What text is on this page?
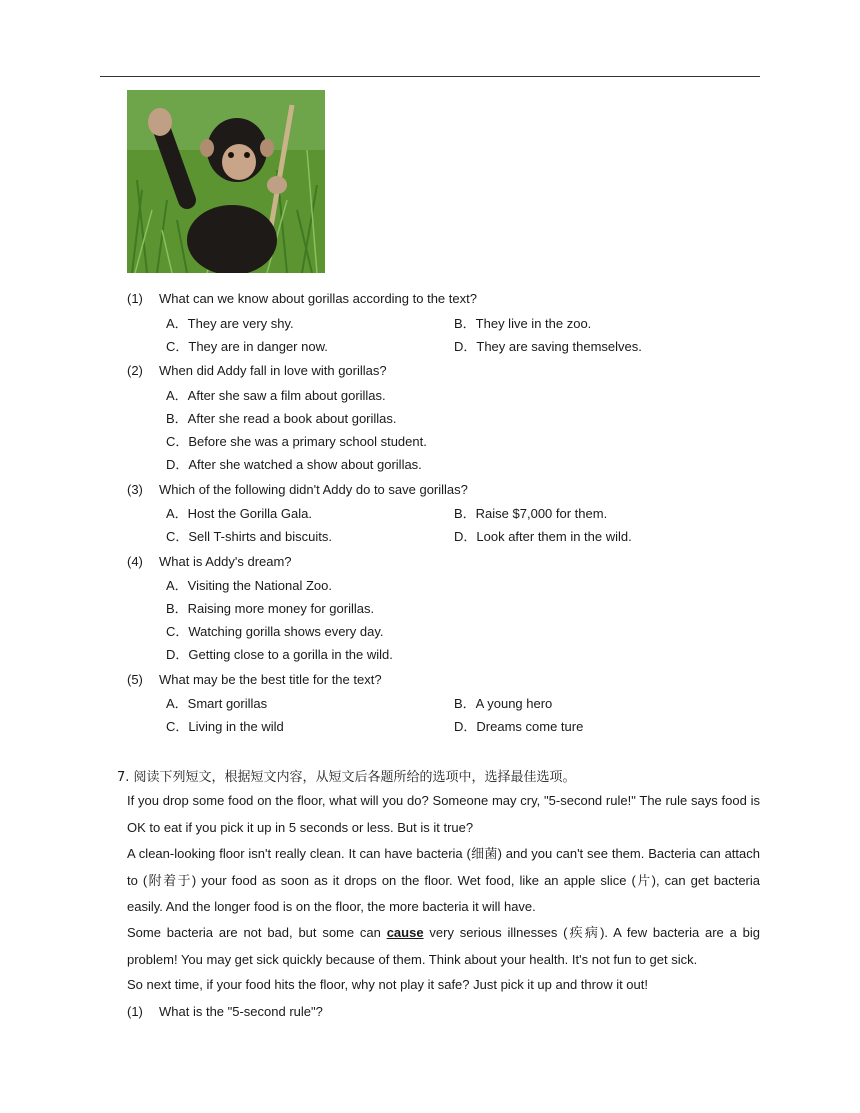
(1) What can we know about gorillas according to the text?
A．They are very shy.	B．They live in the zoo.
C．They are in danger now.	D．They are saving themselves.
(2) When did Addy fall in love with gorillas?
A．After she saw a film about gorillas.
B．After she read a book about gorillas.
C．Before she was a primary school student.
D．After she watched a show about gorillas.
(3) Which of the following didn't Addy do to save gorillas?
A．Host the Gorilla Gala.	B．Raise $7,000 for them.
C．Sell T-shirts and biscuits.	D．Look after them in the wild.
(4) What is Addy's dream?
A．Visiting the National Zoo.
B．Raising more money for gorillas.
C．Watching gorilla shows every day.
D．Getting close to a gorilla in the wild.
(5) What may be the best title for the text?
A．Smart gorillas	B．A young hero
C．Living in the wild	D．Dreams come ture
7. 阅读下列短文，根据短文内容，从短文后各题所给的选项中，选择最佳选项。
If you drop some food on the floor, what will you do? Someone may cry, "5-second rule!" The rule says food is OK to eat if you pick it up in 5 seconds or less. But is it true?
A clean-looking floor isn't really clean. It can have bacteria (细菌) and you can't see them. Bacteria can attach to (附着于) your food as soon as it drops on the floor. Wet food, like an apple slice (片), can get bacteria easily. And the longer food is on the floor, the more bacteria it will have.
Some bacteria are not bad, but some can cause very serious illnesses (疾病). A few bacteria are a big problem! You may get sick quickly because of them. Think about your health. It's not fun to get sick.
So next time, if your food hits the floor, why not play it safe? Just pick it up and throw it out!
(1) What is the "5-second rule"?
